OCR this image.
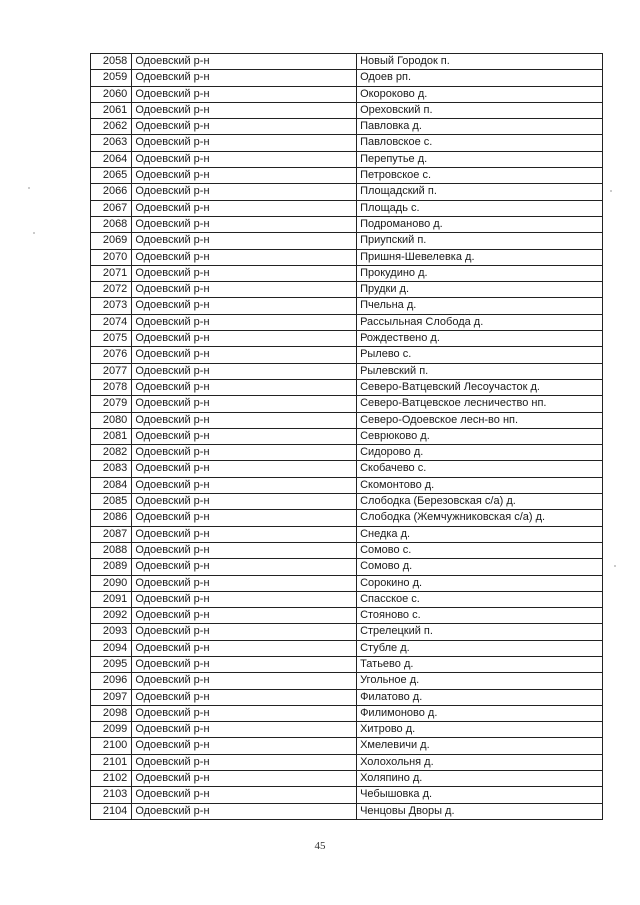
2058	Одоевский р-н	Новый Городок п.
2059	Одоевский р-н	Одоев рп.
2060	Одоевский р-н	Окороково д.
2061	Одоевский р-н	Ореховский п.
2062	Одоевский р-н	Павловка д.
2063	Одоевский р-н	Павловское с.
2064	Одоевский р-н	Перепутье д.
2065	Одоевский р-н	Петровское с.
2066	Одоевский р-н	Площадский п.
2067	Одоевский р-н	Площадь с.
2068	Одоевский р-н	Подроманово д.
2069	Одоевский р-н	Приупский п.
2070	Одоевский р-н	Пришня-Шевелевка д.
2071	Одоевский р-н	Прокудино д.
2072	Одоевский р-н	Прудки д.
2073	Одоевский р-н	Пчельна д.
2074	Одоевский р-н	Рассыльная Слобода д.
2075	Одоевский р-н	Рождествено д.
2076	Одоевский р-н	Рылево с.
2077	Одоевский р-н	Рылевский п.
2078	Одоевский р-н	Северо-Ватцевский Лесоучасток д.
2079	Одоевский р-н	Северо-Ватцевское лесничество нп.
2080	Одоевский р-н	Северо-Одоевское лесн-во нп.
2081	Одоевский р-н	Севрюково д.
2082	Одоевский р-н	Сидорово д.
2083	Одоевский р-н	Скобачево с.
2084	Одоевский р-н	Скомонтово д.
2085	Одоевский р-н	Слободка (Березовская с/а) д.
2086	Одоевский р-н	Слободка (Жемчужниковская с/а) д.
2087	Одоевский р-н	Снедка д.
2088	Одоевский р-н	Сомово с.
2089	Одоевский р-н	Сомово д.
2090	Одоевский р-н	Сорокино д.
2091	Одоевский р-н	Спасское с.
2092	Одоевский р-н	Стояново с.
2093	Одоевский р-н	Стрелецкий п.
2094	Одоевский р-н	Стубле д.
2095	Одоевский р-н	Татьево д.
2096	Одоевский р-н	Угольное д.
2097	Одоевский р-н	Филатово д.
2098	Одоевский р-н	Филимоново д.
2099	Одоевский р-н	Хитрово д.
2100	Одоевский р-н	Хмелевичи д.
2101	Одоевский р-н	Холохольня д.
2102	Одоевский р-н	Холяпино д.
2103	Одоевский р-н	Чебышовка д.
2104	Одоевский р-н	Ченцовы Дворы д.
45
